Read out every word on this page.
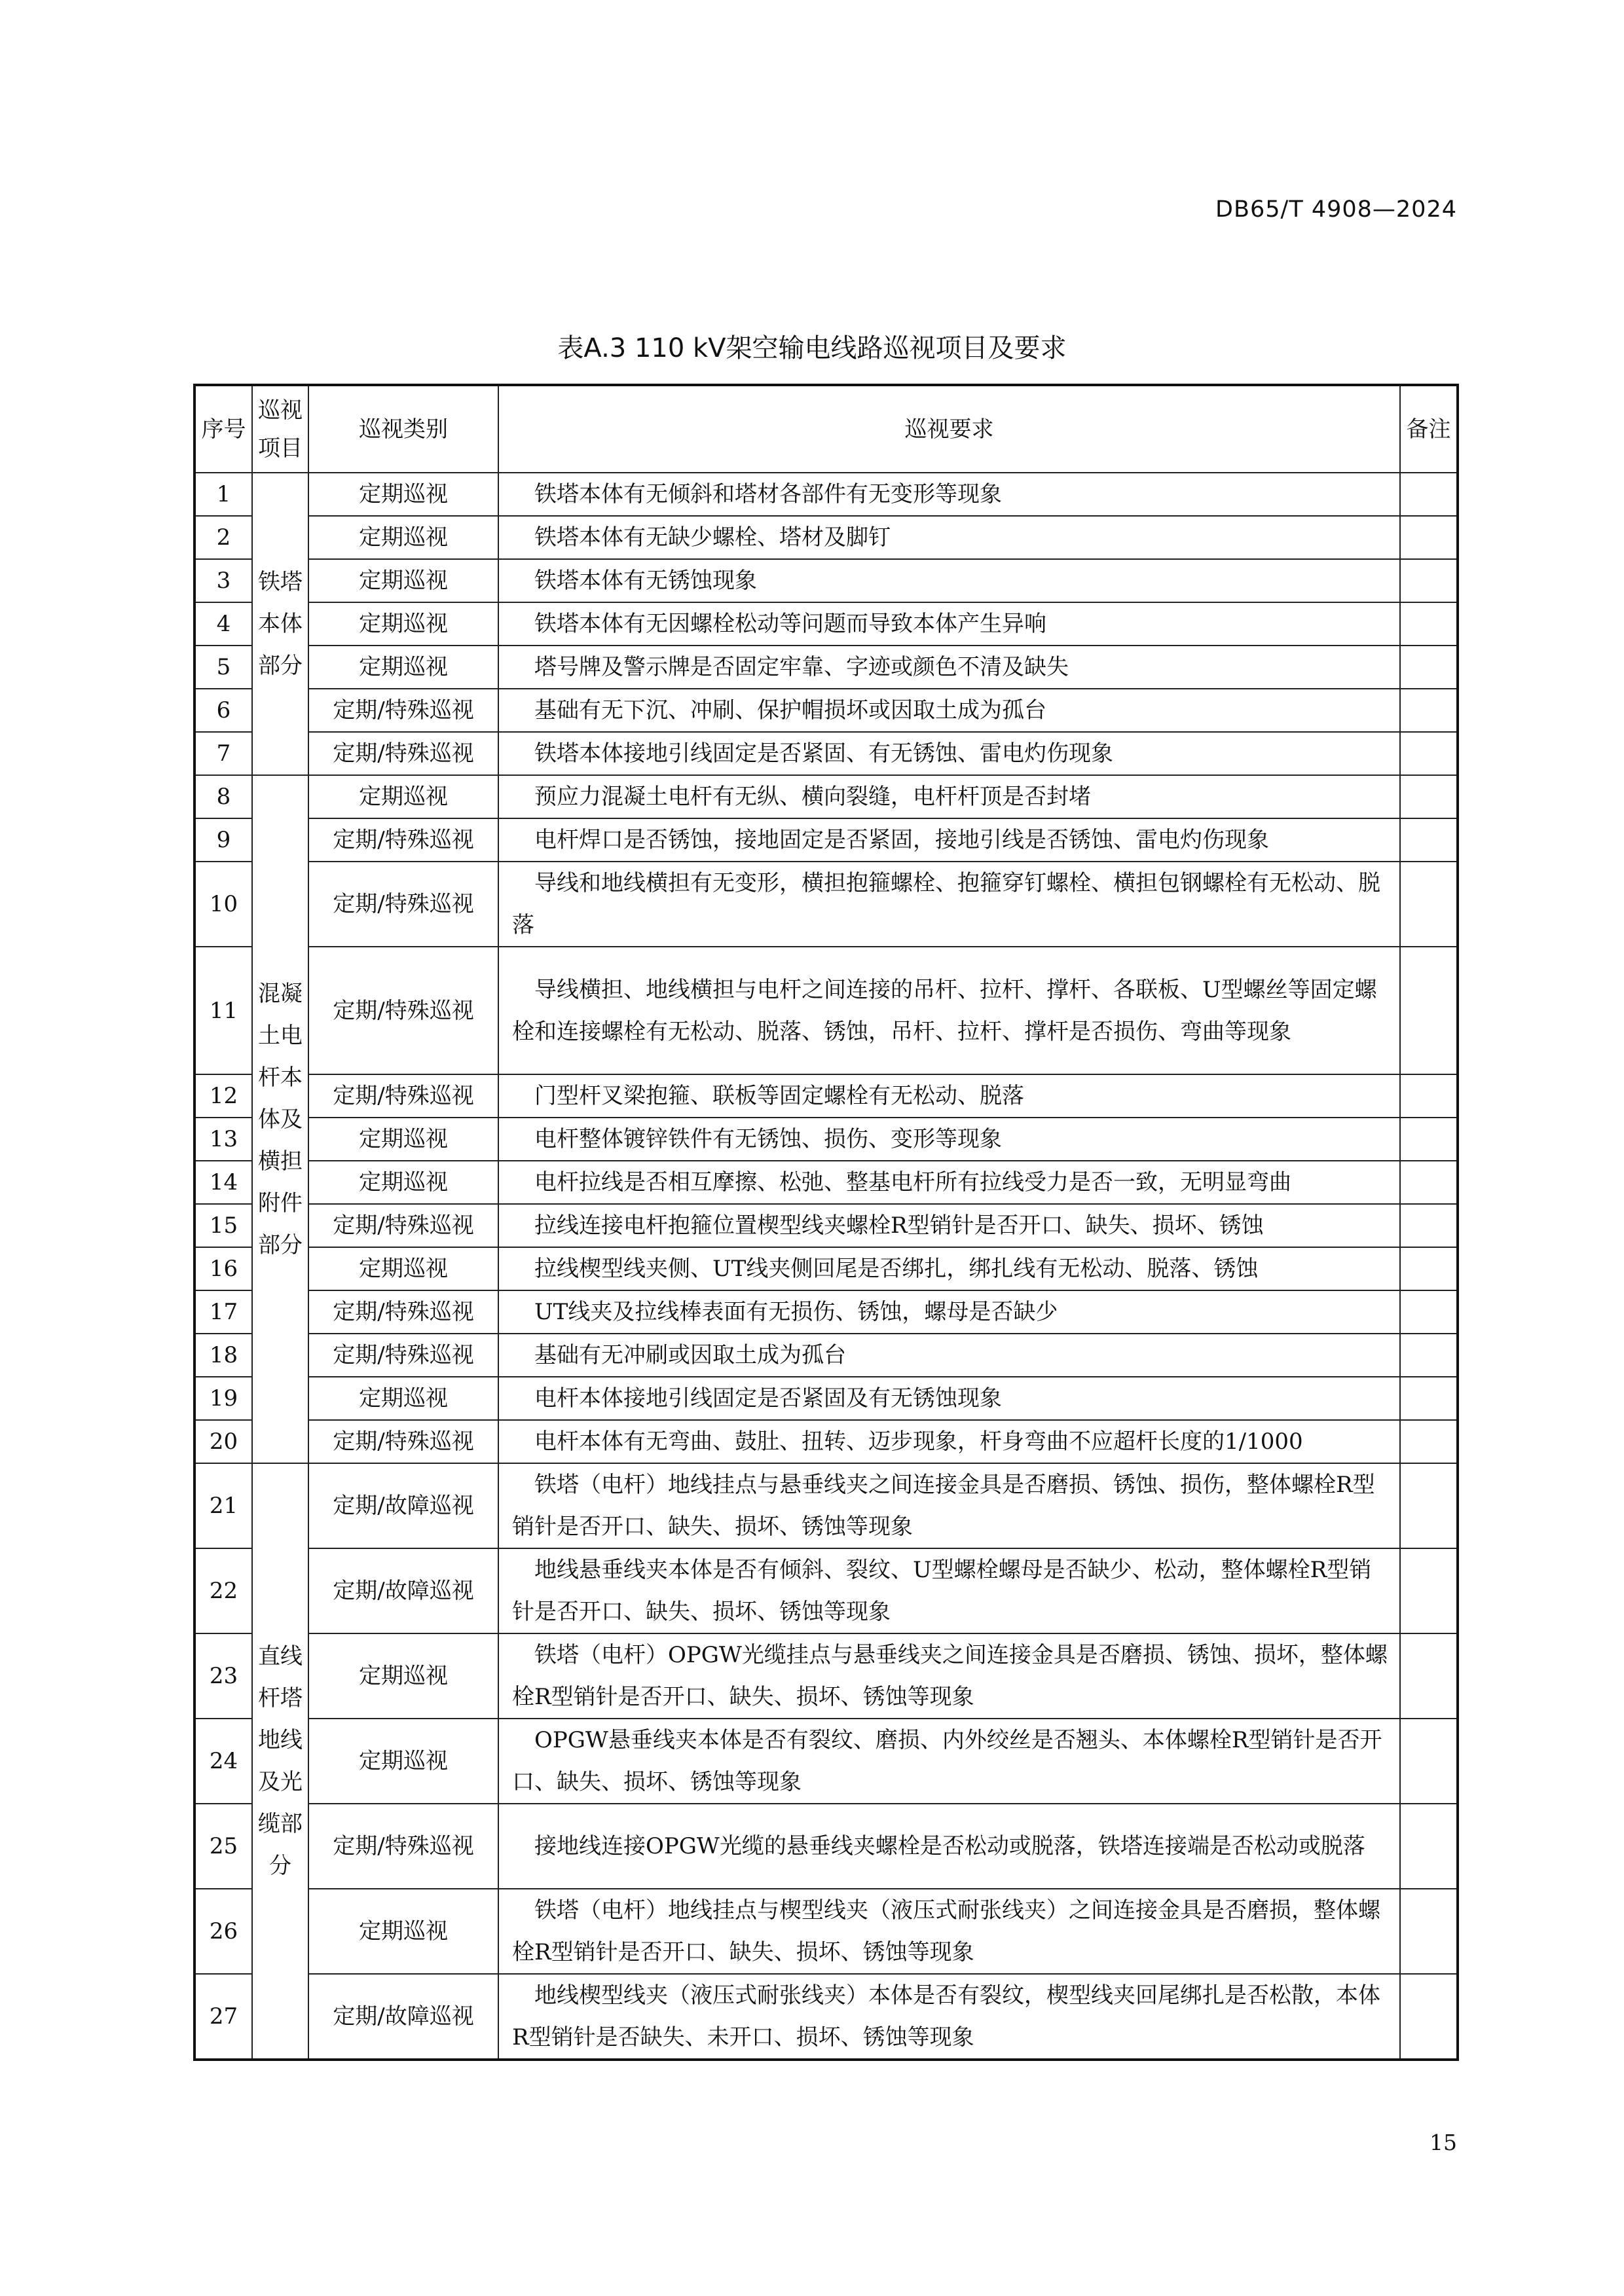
DB65/T 4908—2024
表A.3 110 kV架空输电线路巡视项目及要求
序号	巡视项目	巡视类别	巡视要求	备注
1	铁塔本体部分	定期巡视	铁塔本体有无倾斜和塔材各部件有无变形等现象	
2		定期巡视	铁塔本体有无缺少螺栓、塔材及脚钉	
3		定期巡视	铁塔本体有无锈蚀现象	
4		定期巡视	铁塔本体有无因螺栓松动等问题而导致本体产生异响	
5		定期巡视	塔号牌及警示牌是否固定牢靠、字迹或颜色不清及缺失	
6		定期/特殊巡视	基础有无下沉、冲刷、保护帽损坏或因取土成为孤台	
7		定期/特殊巡视	铁塔本体接地引线固定是否紧固、有无锈蚀、雷电灼伤现象	
8	混凝土电杆本体及横担附件部分	定期巡视	预应力混凝土电杆有无纵、横向裂缝，电杆杆顶是否封堵	
9		定期/特殊巡视	电杆焊口是否锈蚀，接地固定是否紧固，接地引线是否锈蚀、雷电灼伤现象	
10		定期/特殊巡视	导线和地线横担有无变形，横担抱箍螺栓、抱箍穿钉螺栓、横担包钢螺栓有无松动、脱落	
11		定期/特殊巡视	导线横担、地线横担与电杆之间连接的吊杆、拉杆、撑杆、各联板、U型螺丝等固定螺栓和连接螺栓有无松动、脱落、锈蚀，吊杆、拉杆、撑杆是否损伤、弯曲等现象	
12		定期/特殊巡视	门型杆叉梁抱箍、联板等固定螺栓有无松动、脱落	
13		定期巡视	电杆整体镀锌铁件有无锈蚀、损伤、变形等现象	
14		定期巡视	电杆拉线是否相互摩擦、松弛、整基电杆所有拉线受力是否一致，无明显弯曲	
15		定期/特殊巡视	拉线连接电杆抱箍位置楔型线夹螺栓R型销针是否开口、缺失、损坏、锈蚀	
16		定期巡视	拉线楔型线夹侧、UT线夹侧回尾是否绑扎，绑扎线有无松动、脱落、锈蚀	
17		定期/特殊巡视	UT线夹及拉线棒表面有无损伤、锈蚀，螺母是否缺少	
18		定期/特殊巡视	基础有无冲刷或因取土成为孤台	
19		定期巡视	电杆本体接地引线固定是否紧固及有无锈蚀现象	
20		定期/特殊巡视	电杆本体有无弯曲、鼓肚、扭转、迈步现象，杆身弯曲不应超杆长度的1/1000	
21	直线杆塔地线及光缆部分	定期/故障巡视	铁塔（电杆）地线挂点与悬垂线夹之间连接金具是否磨损、锈蚀、损伤，整体螺栓R型销针是否开口、缺失、损坏、锈蚀等现象	
22		定期/故障巡视	地线悬垂线夹本体是否有倾斜、裂纹、U型螺栓螺母是否缺少、松动，整体螺栓R型销针是否开口、缺失、损坏、锈蚀等现象	
23		定期巡视	铁塔（电杆）OPGW光缆挂点与悬垂线夹之间连接金具是否磨损、锈蚀、损坏，整体螺栓R型销针是否开口、缺失、损坏、锈蚀等现象	
24		定期巡视	OPGW悬垂线夹本体是否有裂纹、磨损、内外绞丝是否翘头、本体螺栓R型销针是否开口、缺失、损坏、锈蚀等现象	
25		定期/特殊巡视	接地线连接OPGW光缆的悬垂线夹螺栓是否松动或脱落，铁塔连接端是否松动或脱落	
26		定期巡视	铁塔（电杆）地线挂点与楔型线夹（液压式耐张线夹）之间连接金具是否磨损，整体螺栓R型销针是否开口、缺失、损坏、锈蚀等现象	
27		定期/故障巡视	地线楔型线夹（液压式耐张线夹）本体是否有裂纹，楔型线夹回尾绑扎是否松散，本体R型销针是否缺失、未开口、损坏、锈蚀等现象	
15
